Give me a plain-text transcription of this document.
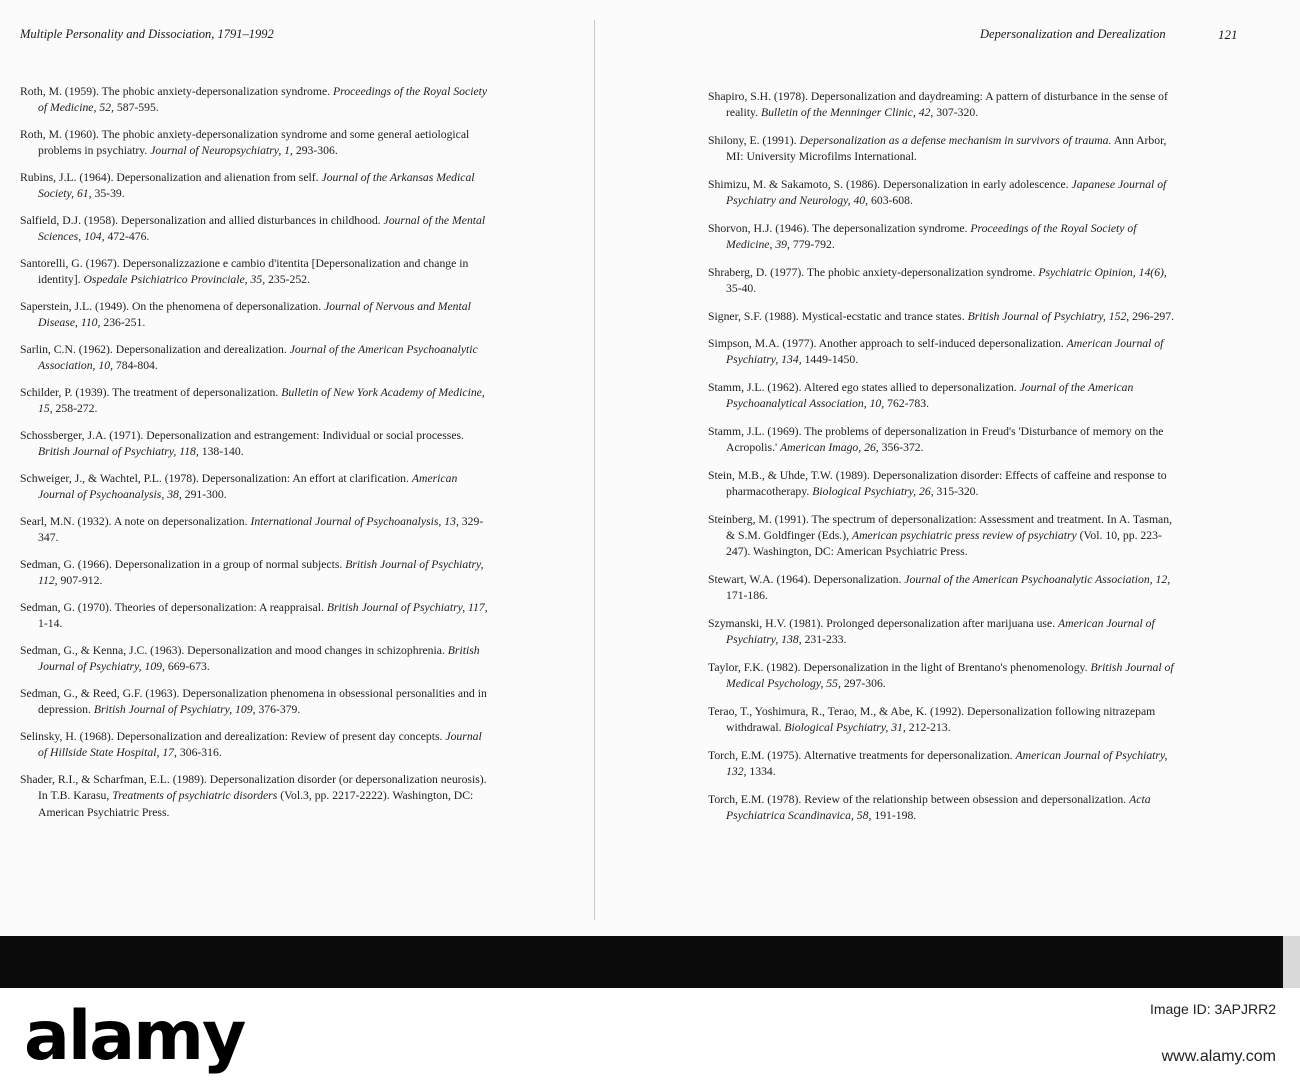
Multiple Personality and Dissociation, 1791–1992
Roth, M. (1959). The phobic anxiety-depersonalization syndrome. Proceedings of the Royal Society of Medicine, 52, 587-595.
Roth, M. (1960). The phobic anxiety-depersonalization syndrome and some general aetiological problems in psychiatry. Journal of Neuropsychiatry, 1, 293-306.
Rubins, J.L. (1964). Depersonalization and alienation from self. Journal of the Arkansas Medical Society, 61, 35-39.
Salfield, D.J. (1958). Depersonalization and allied disturbances in childhood. Journal of the Mental Sciences, 104, 472-476.
Santorelli, G. (1967). Depersonalizzazione e cambio d'itentita [Depersonalization and change in identity]. Ospedale Psichiatrico Provinciale, 35, 235-252.
Saperstein, J.L. (1949). On the phenomena of depersonalization. Journal of Nervous and Mental Disease, 110, 236-251.
Sarlin, C.N. (1962). Depersonalization and derealization. Journal of the American Psychoanalytic Association, 10, 784-804.
Schilder, P. (1939). The treatment of depersonalization. Bulletin of New York Academy of Medicine, 15, 258-272.
Schossberger, J.A. (1971). Depersonalization and estrangement: Individual or social processes. British Journal of Psychiatry, 118, 138-140.
Schweiger, J., & Wachtel, P.L. (1978). Depersonalization: An effort at clarification. American Journal of Psychoanalysis, 38, 291-300.
Searl, M.N. (1932). A note on depersonalization. International Journal of Psychoanalysis, 13, 329-347.
Sedman, G. (1966). Depersonalization in a group of normal subjects. British Journal of Psychiatry, 112, 907-912.
Sedman, G. (1970). Theories of depersonalization: A reappraisal. British Journal of Psychiatry, 117, 1-14.
Sedman, G., & Kenna, J.C. (1963). Depersonalization and mood changes in schizophrenia. British Journal of Psychiatry, 109, 669-673.
Sedman, G., & Reed, G.F. (1963). Depersonalization phenomena in obsessional personalities and in depression. British Journal of Psychiatry, 109, 376-379.
Selinsky, H. (1968). Depersonalization and derealization: Review of present day concepts. Journal of Hillside State Hospital, 17, 306-316.
Shader, R.I., & Scharfman, E.L. (1989). Depersonalization disorder (or depersonalization neurosis). In T.B. Karasu, Treatments of psychiatric disorders (Vol.3, pp. 2217-2222). Washington, DC: American Psychiatric Press.
Depersonalization and Derealization	121
Shapiro, S.H. (1978). Depersonalization and daydreaming: A pattern of disturbance in the sense of reality. Bulletin of the Menninger Clinic, 42, 307-320.
Shilony, E. (1991). Depersonalization as a defense mechanism in survivors of trauma. Ann Arbor, MI: University Microfilms International.
Shimizu, M. & Sakamoto, S. (1986). Depersonalization in early adolescence. Japanese Journal of Psychiatry and Neurology, 40, 603-608.
Shorvon, H.J. (1946). The depersonalization syndrome. Proceedings of the Royal Society of Medicine, 39, 779-792.
Shraberg, D. (1977). The phobic anxiety-depersonalization syndrome. Psychiatric Opinion, 14(6), 35-40.
Signer, S.F. (1988). Mystical-ecstatic and trance states. British Journal of Psychiatry, 152, 296-297.
Simpson, M.A. (1977). Another approach to self-induced depersonalization. American Journal of Psychiatry, 134, 1449-1450.
Stamm, J.L. (1962). Altered ego states allied to depersonalization. Journal of the American Psychoanalytical Association, 10, 762-783.
Stamm, J.L. (1969). The problems of depersonalization in Freud's 'Disturbance of memory on the Acropolis.' American Imago, 26, 356-372.
Stein, M.B., & Uhde, T.W. (1989). Depersonalization disorder: Effects of caffeine and response to pharmacotherapy. Biological Psychiatry, 26, 315-320.
Steinberg, M. (1991). The spectrum of depersonalization: Assessment and treatment. In A. Tasman, & S.M. Goldfinger (Eds.), American psychiatric press review of psychiatry (Vol. 10, pp. 223-247). Washington, DC: American Psychiatric Press.
Stewart, W.A. (1964). Depersonalization. Journal of the American Psychoanalytic Association, 12, 171-186.
Szymanski, H.V. (1981). Prolonged depersonalization after marijuana use. American Journal of Psychiatry, 138, 231-233.
Taylor, F.K. (1982). Depersonalization in the light of Brentano's phenomenology. British Journal of Medical Psychology, 55, 297-306.
Terao, T., Yoshimura, R., Terao, M., & Abe, K. (1992). Depersonalization following nitrazepam withdrawal. Biological Psychiatry, 31, 212-213.
Torch, E.M. (1975). Alternative treatments for depersonalization. American Journal of Psychiatry, 132, 1334.
Torch, E.M. (1978). Review of the relationship between obsession and depersonalization. Acta Psychiatrica Scandinavica, 58, 191-198.
alamy	Image ID: 3APJRR2
www.alamy.com
